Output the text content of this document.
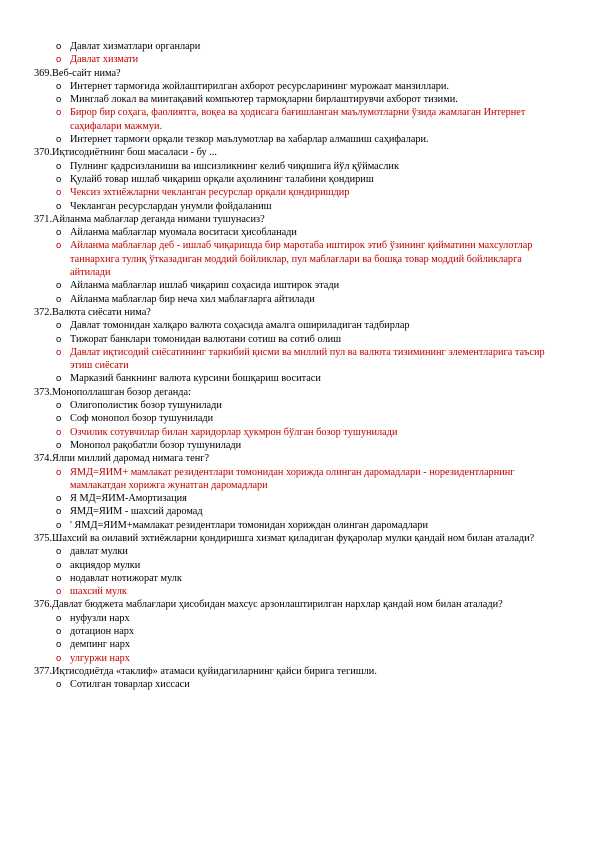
o Давлат хизматлари органлари

o Давлат хизмати

369.Веб-сайт нима?

o Интернет тармоғида жойлаштирилган ахборот ресурсларининг мурожаат манзиллари.

o Минглаб локал ва минтақавий компьютер тармоқларни бирлаштирувчи ахборот тизими.

o Бирор бир соҳага, фаолиятга, воқеа ва ҳодисага бағишланган маълумотларни ўзида жамлаган Интернет саҳифалари мажмуи.

o Интернет тармоғи орқали тезкор маълумотлар ва хабарлар алмашиш саҳифалари.

370.Иқтисодиётнинг бош масаласи - бу ...

o Пулнинг қадрсизланиши ва ишсизликнинг келиб чиқишига йўл қўймаслик

o Қулайб товар ишлаб чиқариш орқали аҳолининг талабини қондириш

o Чексиз эхтиёжларни чекланган ресурслар орқали қондиришдир

o Чекланган ресурслардан унумли фойдаланиш

371.Айланма маблағлар деганда нимани тушунасиз?

o Айланма маблағлар муомала воситаси ҳисобланади

o Айланма маблағлар деб - ишлаб чиқаришда бир маротаба иштирок этиб ўзининг қийматини махсулотлар таннархига тулиқ ўтказадиган моддий бойликлар, пул маблағлари ва бошқа товар моддий бойликларга айтилади

o Айланма маблағлар ишлаб чиқариш соҳасида иштирок этади

o Айланма маблағлар бир неча хил маблағларга айтилади

372.Валюта сиёсати нима?

o Давлат томонидан халқаро валюта соҳасида амалга оширилaдиган тадбирлар

o Тижорат банклари томонидан валютани сотиш ва сотиб олиш

o Давлат иқтисодий сиёсатининг таркибий қисми ва миллий пул ва валюта тизимининг элементларига таъсир этиш сиёсати

o Марказий банкнинг валюта курсини бошқариш воситаси

373.Монополлашган бозор деганда:

o Олигополистик бозор тушунилади

o Соф монопол бозор тушунилади

o Озчилик сотувчилар билан харидорлар ҳукмрон бўлган бозор тушунилади

o Монопол рақобатли бозор тушунилади

374.Ялпи миллий даромад нимага тенг?

o ЯМД=ЯИМ+ мамлакат резидентлари томонидан хорижда олинган даромадлари - норезидентларнинг мамлакатдан хорижга жунатган даромадлари

o Я МД=ЯИМ-Амортизация

o ЯМД=ЯИМ - шахсий даромад

o ' ЯМД=ЯИМ+мамлакат резидентлари томонидан хориждан олинган даромадлари

375.Шахсий ва оилавий эхтиёжларни қондиришга хизмат қиладиган фуқаролар мулки қандай ном билан аталади?

o давлат мулки

o акциядор мулки

o нодавлат нотижорат мулк

o шахсий мулк

376.Давлат бюджета маблағлари ҳисобидан махсус арзонлаштирилган нархлар қандай ном билан аталади?

o нуфузли нарх

o дотацион нарх

o демпинг нарх

o улгуржи нарх

377.Иқтисодиётда «таклиф» атамаси қуйидагиларнинг қайси бирига тегишли.

o Сотилган товарлар хиссаси
